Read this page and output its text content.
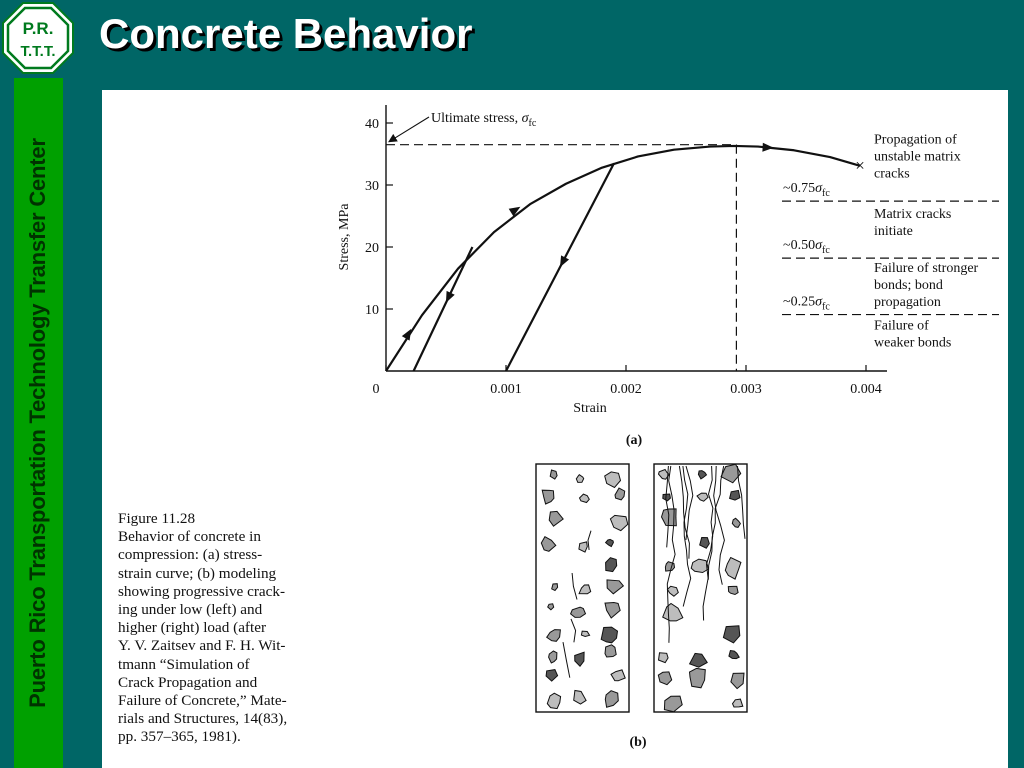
P.R.
T.T.T. Concrete Behavior
Puerto Rico Transportation Technology Transfer Center	0	0.001	0.002	0.003	0.004
10
20
30
40
Strain
Stress, MPa
Ultimate stress, $\sigma_{fc}$
×
$\sim 0.75\sigma_{fc}$
$\sim 0.50\sigma_{fc}$
$\sim 0.25\sigma_{fc}$
Propagation of
unstable matrix
cracks
Matrix cracks
initiate
Failure of stronger
bonds; bond
propagation
Failure of
weaker bonds
(a)
(b)
Figure 11.28
Behavior of concrete in
compression: (a) stress-
strain curve; (b) modeling
showing progressive crack-
ing under low (left) and
higher (right) load (after
Y. V. Zaitsev and F. H. Wit-
tmann “Simulation of
Crack Propagation and
Failure of Concrete,” Mate-
rials and Structures, 14(83),
pp. 357–365, 1981).
